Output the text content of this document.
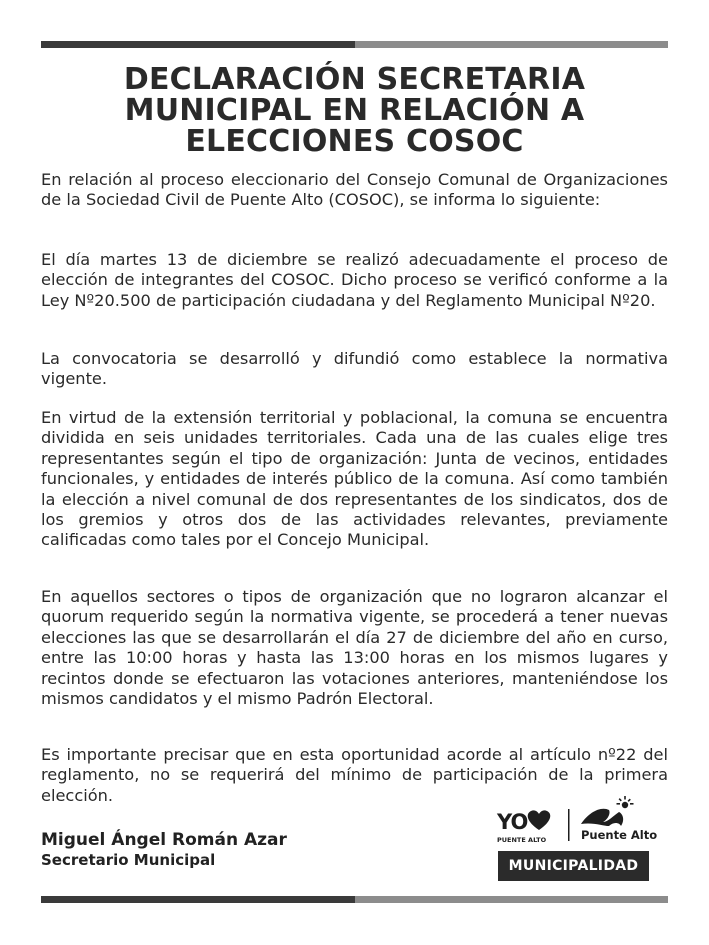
DECLARACIÓN SECRETARIA
MUNICIPAL EN RELACIÓN A
ELECCIONES COSOC

En relación al proceso eleccionario del Consejo Comunal de Organizaciones de la Sociedad Civil de Puente Alto (COSOC), se informa lo siguiente:

El día martes 13 de diciembre se realizó adecuadamente el proceso de elección de integrantes del COSOC. Dicho proceso se verificó conforme a la Ley Nº20.500 de participación ciudadana y del Reglamento Municipal Nº20.

La convocatoria se desarrolló y difundió como establece la normativa vigente.

En virtud de la extensión territorial y poblacional, la comuna se encuentra dividida en seis unidades territoriales. Cada una de las cuales elige tres representantes según el tipo de organización: Junta de vecinos, entidades funcionales, y entidades de interés público de la comuna. Así como también la elección a nivel comunal de dos representantes de los sindicatos, dos de los gremios y otros dos de las actividades relevantes, previamente calificadas como tales por el Concejo Municipal.

En aquellos sectores o tipos de organización que no lograron alcanzar el quorum requerido según la normativa vigente, se procederá a tener nuevas elecciones las que se desarrollarán el día 27 de diciembre del año en curso, entre las 10:00 horas y hasta las 13:00 horas en los mismos lugares y recintos donde se efectuaron las votaciones anteriores, manteniéndose los mismos candidatos y el mismo Padrón Electoral.

Es importante precisar que en esta oportunidad acorde al artículo nº22 del reglamento, no se requerirá del mínimo de participación de la primera elección.

Miguel Ángel Román Azar
Secretario Municipal
YO
PUENTE ALTO	Puente Alto
MUNICIPALIDAD
